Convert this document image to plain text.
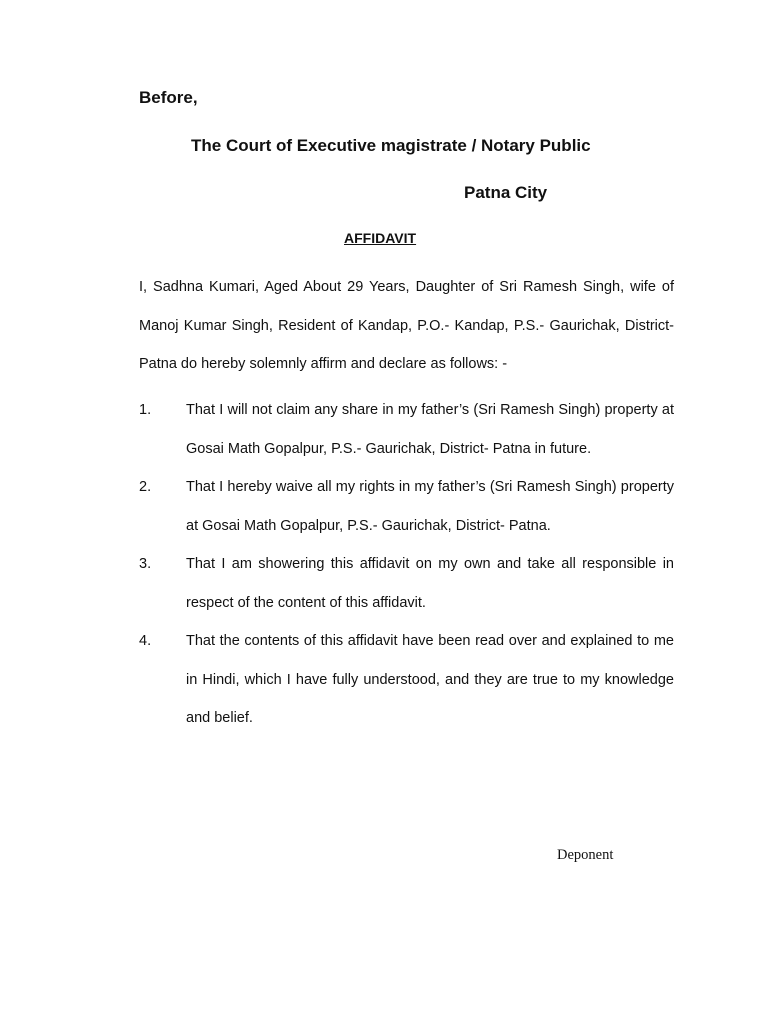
Before,
The Court of Executive magistrate / Notary Public
Patna City
AFFIDAVIT

I, Sadhna Kumari, Aged About 29 Years, Daughter of Sri Ramesh Singh, wife of Manoj Kumar Singh, Resident of Kandap, P.O.- Kandap, P.S.- Gaurichak, District- Patna do hereby solemnly affirm and declare as follows: -

1. That I will not claim any share in my father’s (Sri Ramesh Singh) property at Gosai Math Gopalpur, P.S.- Gaurichak, District- Patna in future.
2. That I hereby waive all my rights in my father’s (Sri Ramesh Singh) property at Gosai Math Gopalpur, P.S.- Gaurichak, District- Patna.
3. That I am showering this affidavit on my own and take all responsible in respect of the content of this affidavit.
4. That the contents of this affidavit have been read over and explained to me in Hindi, which I have fully understood, and they are true to my knowledge and belief.
Deponent
